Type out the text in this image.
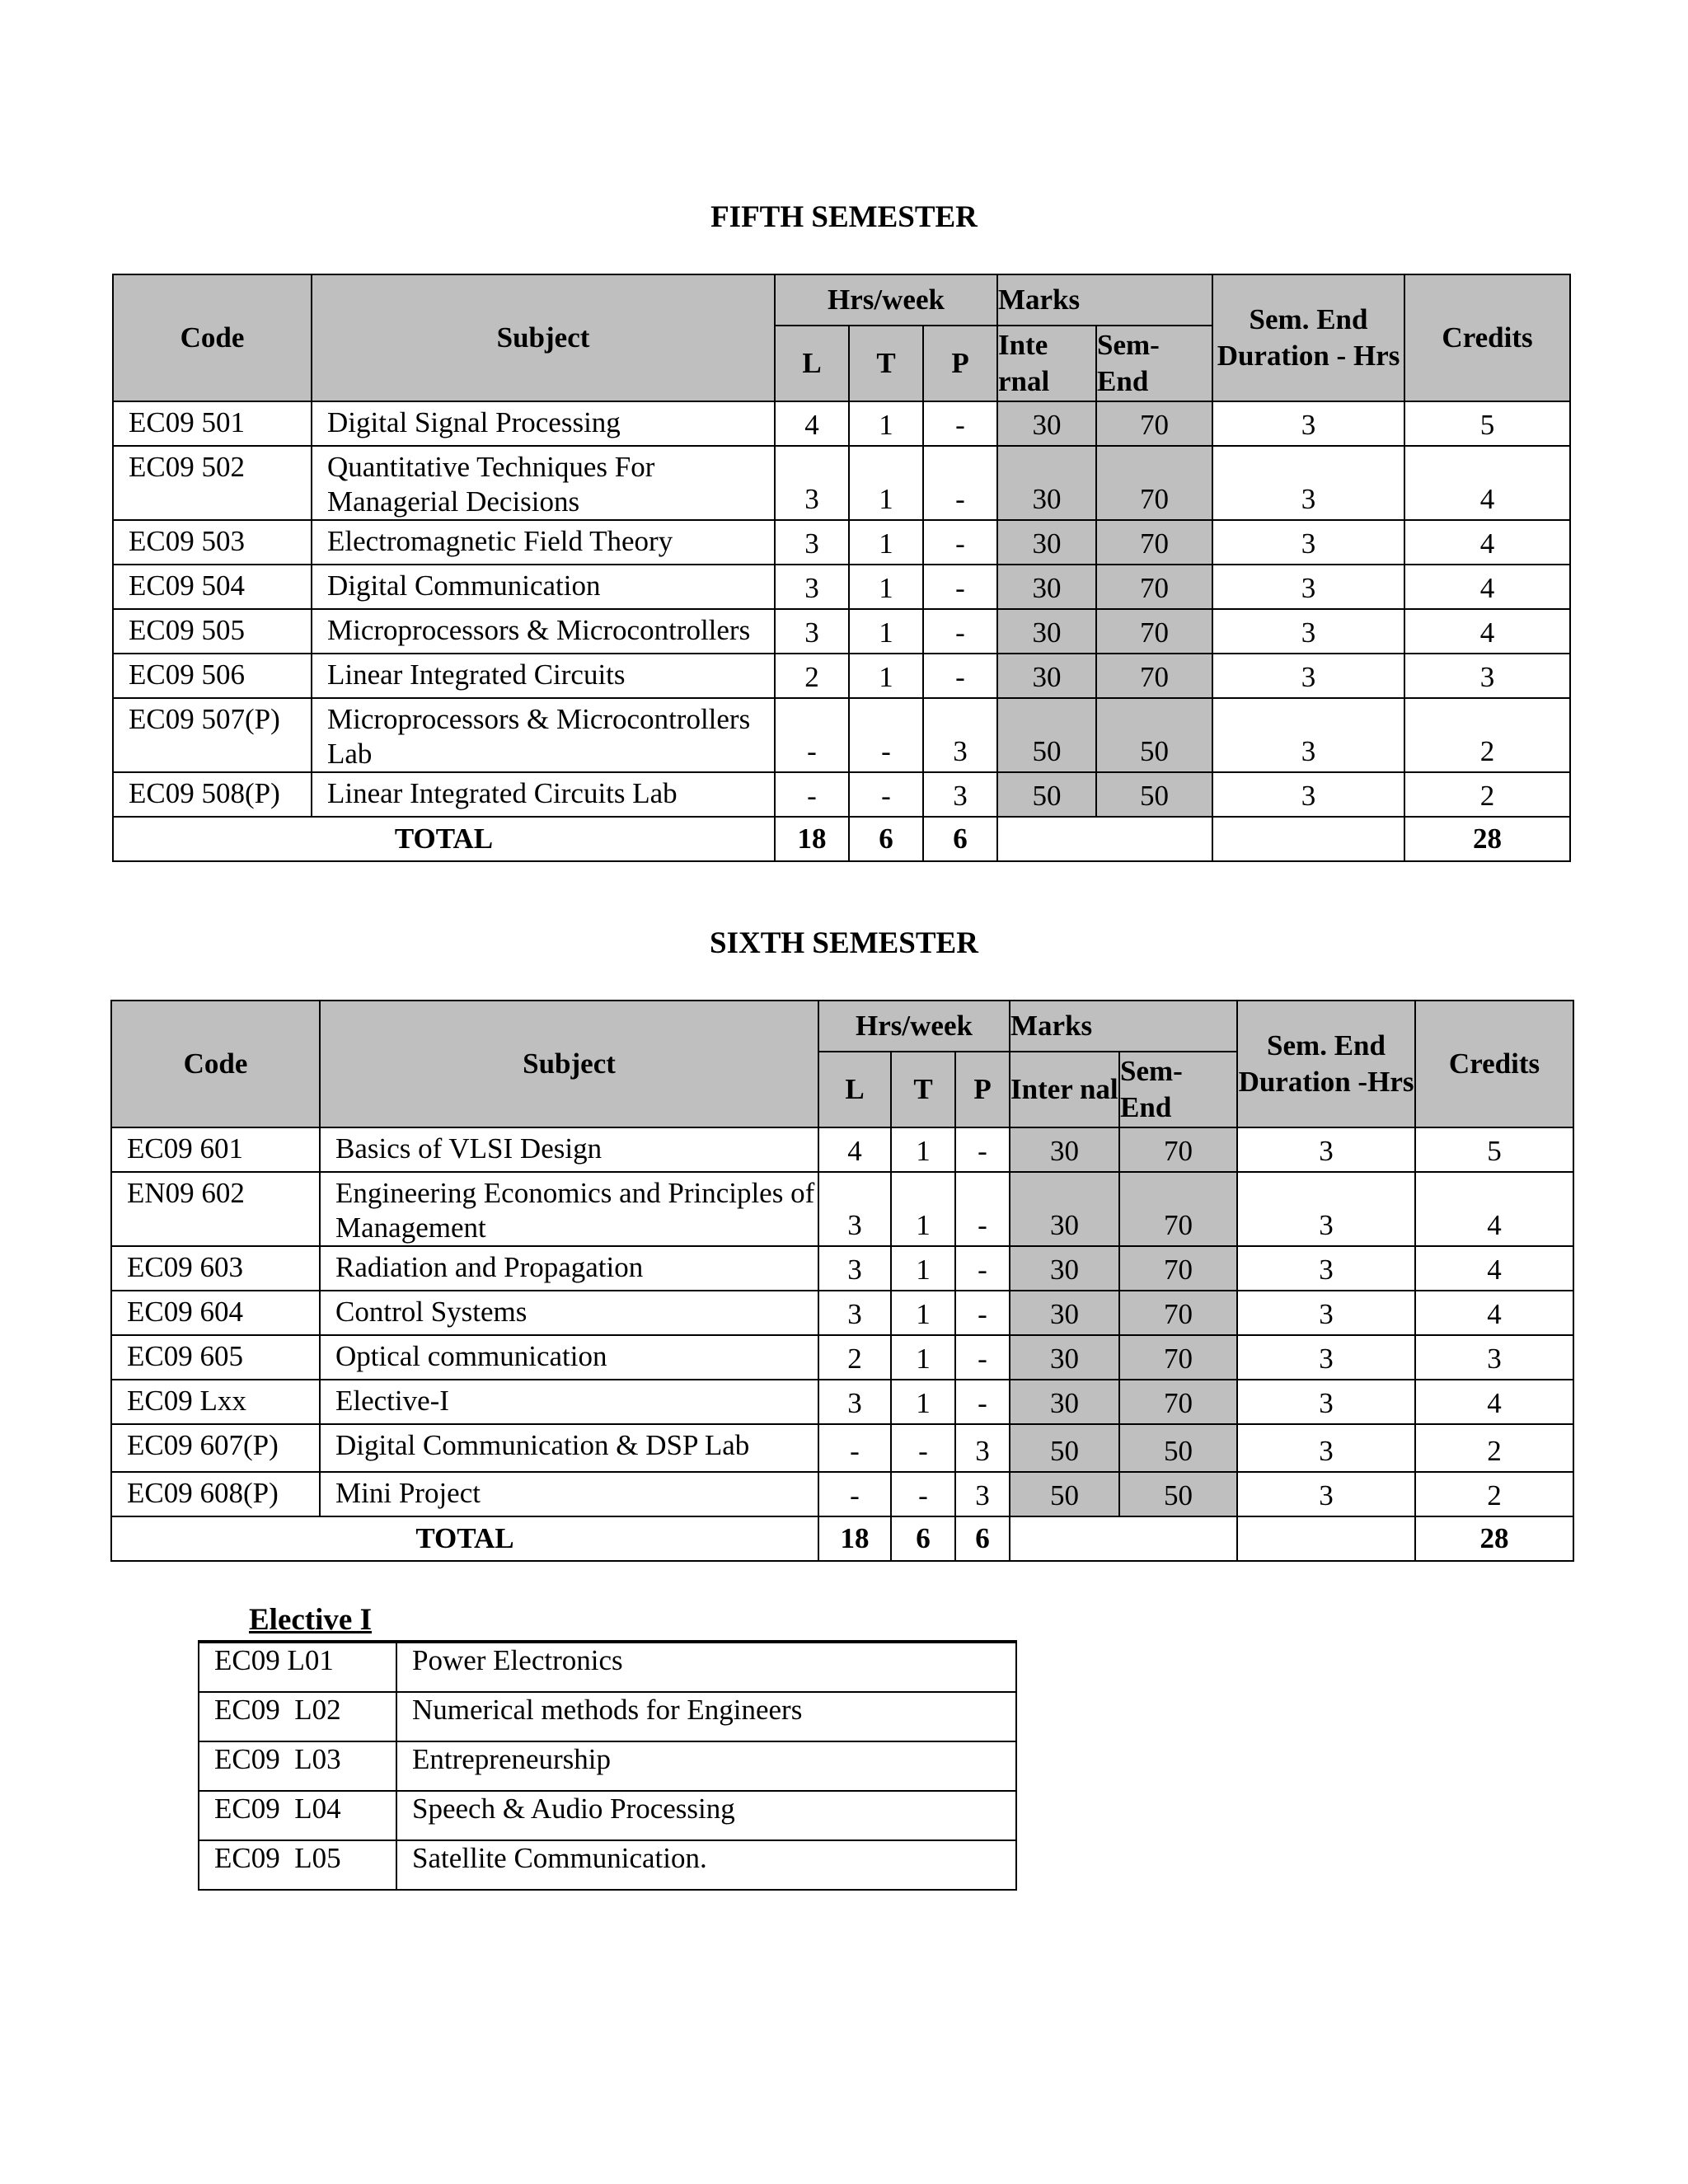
FIFTH SEMESTER
Code	Subject	Hrs/week			Marks		Sem. End Duration - Hrs	Credits
		L	T	P	Inte rnal	Sem- End		
EC09 501	Digital Signal Processing	4	1	-	30	70	3	5
EC09 502	Quantitative Techniques For Managerial Decisions	3	1	-	30	70	3	4
EC09 503	Electromagnetic Field Theory	3	1	-	30	70	3	4
EC09 504	Digital Communication	3	1	-	30	70	3	4
EC09 505	Microprocessors & Microcontrollers	3	1	-	30	70	3	4
EC09 506	Linear Integrated Circuits	2	1	-	30	70	3	3
EC09 507(P)	Microprocessors & Microcontrollers Lab	-	-	3	50	50	3	2
EC09 508(P)	Linear Integrated Circuits Lab	-	-	3	50	50	3	2
TOTAL		18	6	6				28
SIXTH SEMESTER
Code	Subject	Hrs/week			Marks		Sem. End Duration -Hrs	Credits
		L	T	P	Inter nal	Sem- End		
EC09 601	Basics of VLSI Design	4	1	-	30	70	3	5
EN09 602	Engineering Economics and Principles of Management	3	1	-	30	70	3	4
EC09 603	Radiation and Propagation	3	1	-	30	70	3	4
EC09 604	Control Systems	3	1	-	30	70	3	4
EC09 605	Optical communication	2	1	-	30	70	3	3
EC09 Lxx	Elective-I	3	1	-	30	70	3	4
EC09 607(P)	Digital Communication & DSP Lab	-	-	3	50	50	3	2
EC09 608(P)	Mini Project	-	-	3	50	50	3	2
TOTAL		18	6	6				28
Elective I
EC09 L01	Power Electronics
EC09  L02	Numerical methods for Engineers
EC09  L03	Entrepreneurship
EC09  L04	Speech & Audio Processing
EC09  L05	Satellite Communication.
